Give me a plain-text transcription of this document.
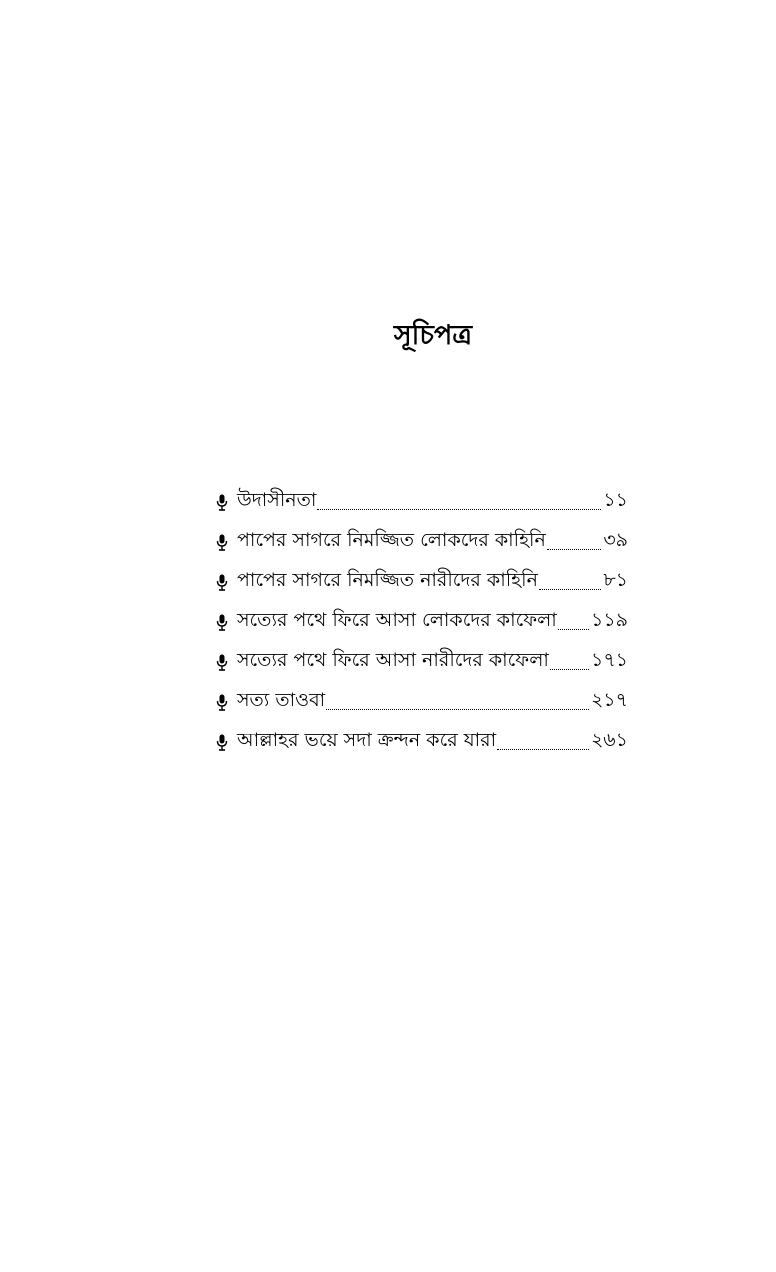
সূচিপত্র
উদাসীনতা	১১
পাপের সাগরে নিমজ্জিত লোকদের কাহিনি	৩৯
পাপের সাগরে নিমজ্জিত নারীদের কাহিনি	৮১
সত্যের পথে ফিরে আসা লোকদের কাফেলা ১১৯
সত্যের পথে ফিরে আসা নারীদের কাফেলা ১৭১
সত্য তাওবা	২১৭
আল্লাহর ভয়ে সদা ক্রন্দন করে যারা	২৬১
